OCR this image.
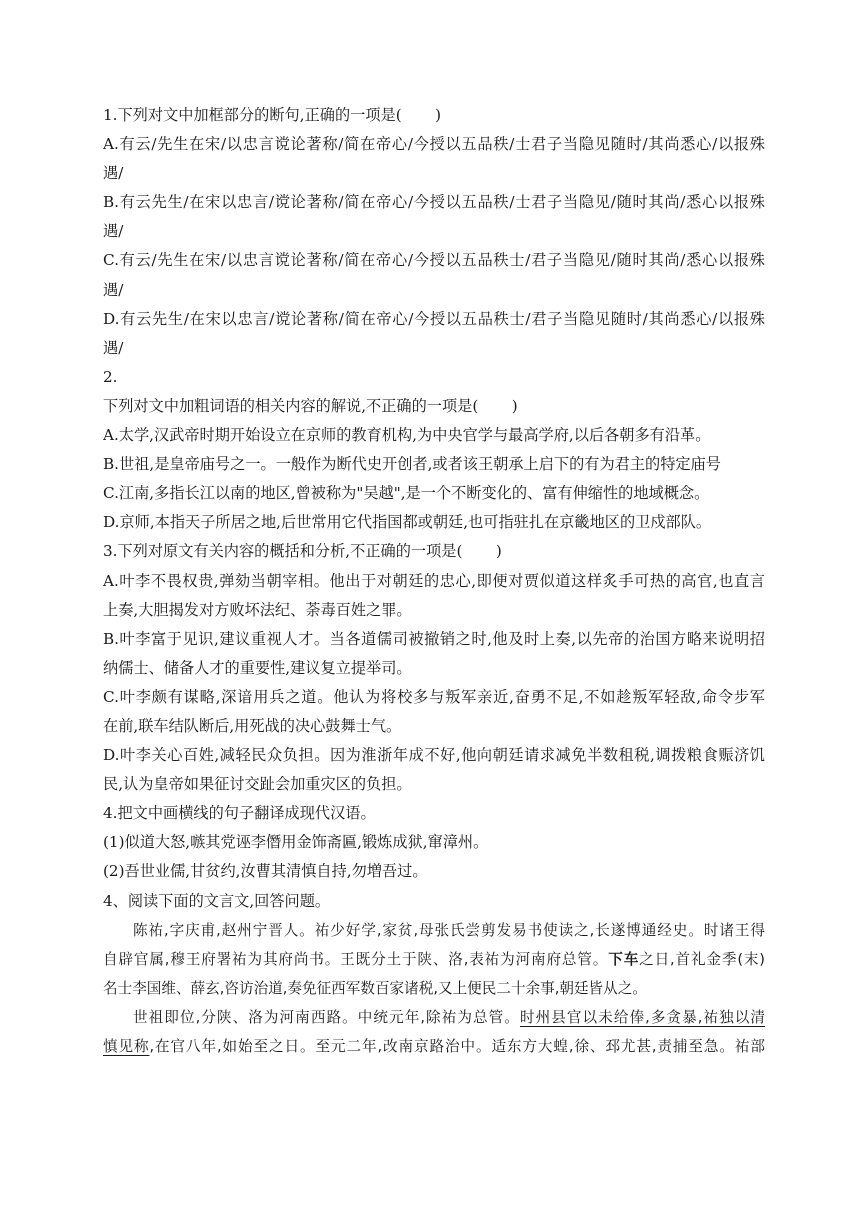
1.下列对文中加框部分的断句,正确的一项是( )
A.有云/先生在宋/以忠言谠论著称/简在帝心/今授以五品秩/士君子当隐见随时/其尚悉心/以报殊
遇/
B.有云先生/在宋以忠言/谠论著称/简在帝心/今授以五品秩/士君子当隐见/随时其尚/悉心以报殊
遇/
C.有云/先生在宋/以忠言谠论著称/简在帝心/今授以五品秩士/君子当隐见/随时其尚/悉心以报殊
遇/
D.有云先生/在宋以忠言/谠论著称/简在帝心/今授以五品秩士/君子当隐见随时/其尚悉心/以报殊
遇/
2.
下列对文中加粗词语的相关内容的解说,不正确的一项是( )
A.太学,汉武帝时期开始设立在京师的教育机构,为中央官学与最高学府,以后各朝多有沿革。
B.世祖,是皇帝庙号之一。一般作为断代史开创者,或者该王朝承上启下的有为君主的特定庙号
C.江南,多指长江以南的地区,曾被称为"吴越",是一个不断变化的、富有伸缩性的地域概念。
D.京师,本指天子所居之地,后世常用它代指国都或朝廷,也可指驻扎在京畿地区的卫戍部队。
3.下列对原文有关内容的概括和分析,不正确的一项是( )
A.叶李不畏权贵,弹劾当朝宰相。他出于对朝廷的忠心,即便对贾似道这样炙手可热的高官,也直言
上奏,大胆揭发对方败坏法纪、荼毒百姓之罪。
B.叶李富于见识,建议重视人才。当各道儒司被撤销之时,他及时上奏,以先帝的治国方略来说明招
纳儒士、储备人才的重要性,建议复立提举司。
C.叶李颇有谋略,深谙用兵之道。他认为将校多与叛军亲近,奋勇不足,不如趁叛军轻敌,命令步军
在前,联车结队断后,用死战的决心鼓舞士气。
D.叶李关心百姓,减轻民众负担。因为淮浙年成不好,他向朝廷请求减免半数租税,调拨粮食赈济饥
民,认为皇帝如果征讨交趾会加重灾区的负担。
4.把文中画横线的句子翻译成现代汉语。
(1)似道大怒,嗾其党诬李僭用金饰斋匾,锻炼成狱,窜漳州。
(2)吾世业儒,甘贫约,汝曹其清慎自持,勿増吾过。
4、阅读下面的文言文,回答问题。
陈祐,字庆甫,赵州宁晋人。祐少好学,家贫,母张氏尝剪发易书使读之,长遂博通经史。时诸王得
自辟官属,穆王府署祐为其府尚书。王既分土于陕、洛,表祐为河南府总管。下车之日,首礼金季(末)
名士李国维、薛玄,咨访治道,奏免征西军数百家诸税,又上便民二十余事,朝廷皆从之。
世祖即位,分陕、洛为河南西路。中统元年,除祐为总管。时州县官以未给俸,多贪暴,祐独以清
慎见称,在官八年,如始至之日。至元二年,改南京路治中。适东方大蝗,徐、邳尤甚,责捕至急。祐部
